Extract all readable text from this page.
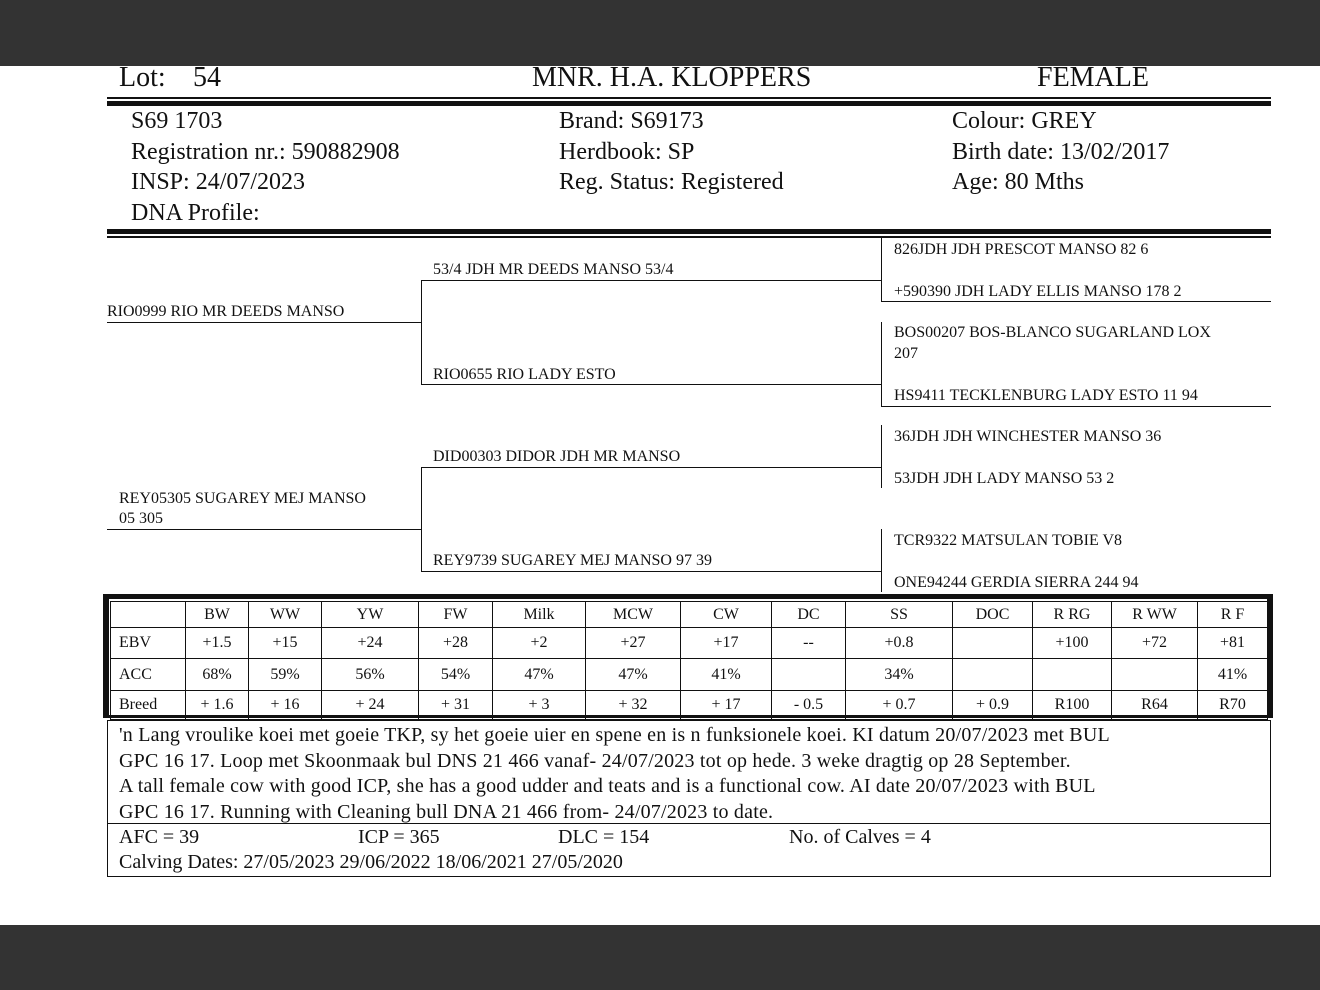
Lot: 54	MNR. H.A. KLOPPERS	FEMALE
S69 1703
Registration nr.: 590882908
INSP: 24/07/2023
DNA Profile:
Brand: S69173
Herdbook: SP
Reg. Status: Registered
Colour: GREY
Birth date: 13/02/2017
Age: 80 Mths
RIO0999 RIO MR DEEDS MANSO
REY05305 SUGAREY MEJ MANSO
05 305
53/4 JDH MR DEEDS MANSO 53/4
RIO0655 RIO LADY ESTO
DID00303 DIDOR JDH MR MANSO
REY9739 SUGAREY MEJ MANSO 97 39
826JDH JDH PRESCOT MANSO 82 6
+590390 JDH LADY ELLIS MANSO 178 2
BOS00207 BOS-BLANCO SUGARLAND LOX
207
HS9411 TECKLENBURG LADY ESTO 11 94
36JDH JDH WINCHESTER MANSO 36
53JDH JDH LADY MANSO 53 2
TCR9322 MATSULAN TOBIE V8
ONE94244 GERDIA SIERRA 244 94
	BW	WW	YW	FW	Milk	MCW	CW	DC	SS	DOC	R RG	R WW	R F
EBV	+1.5	+15	+24	+28	+2	+27	+17	--	+0.8		+100	+72	+81
ACC	68%	59%	56%	54%	47%	47%	41%		34%				41%
Breed	+ 1.6	+ 16	+ 24	+ 31	+ 3	+ 32	+ 17	- 0.5	+ 0.7	+ 0.9	R100	R64	R70
'n Lang vroulike koei met goeie TKP, sy het goeie uier en spene en is n funksionele koei. KI datum 20/07/2023 met BUL
GPC 16 17. Loop met Skoonmaak bul DNS 21 466 vanaf- 24/07/2023 tot op hede. 3 weke dragtig op 28 September.
A tall female cow with good ICP, she has a good udder and teats and is a functional cow. AI date 20/07/2023 with BUL
GPC 16 17. Running with Cleaning bull DNA 21 466 from- 24/07/2023 to date.
AFC = 39	ICP = 365	DLC = 154	No. of Calves = 4
Calving Dates: 27/05/2023 29/06/2022 18/06/2021 27/05/2020
